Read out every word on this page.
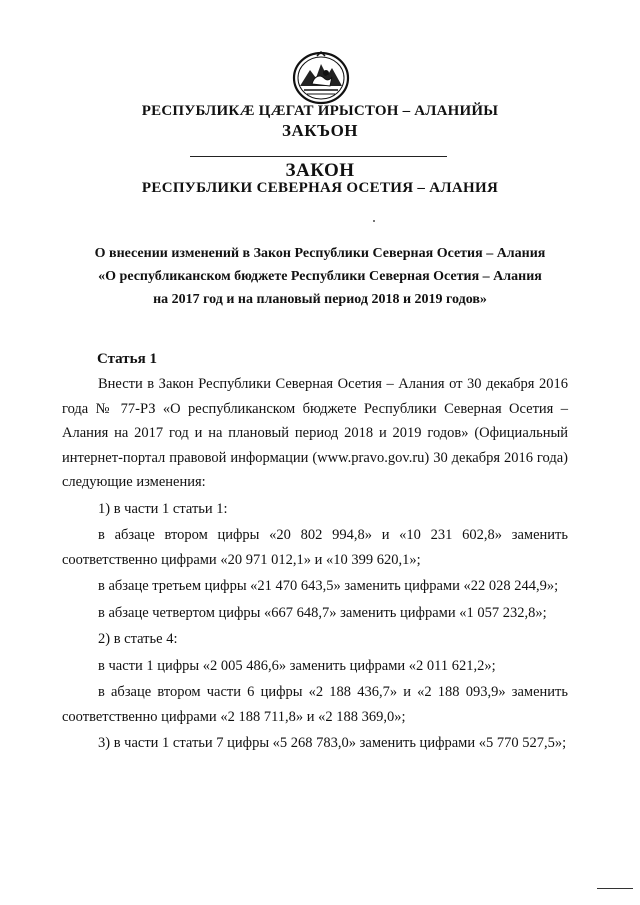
РЕСПУБЛИКÆ ЦÆГАТ ИРЫСТОН – АЛАНИЙЫ
ЗАКЪОН
ЗАКОН
РЕСПУБЛИКИ СЕВЕРНАЯ ОСЕТИЯ – АЛАНИЯ
О внесении изменений в Закон Республики Северная Осетия – Алания
«О республиканском бюджете Республики Северная Осетия – Алания
на 2017 год и на плановый период 2018 и 2019 годов»
Статья 1

Внести в Закон Республики Северная Осетия – Алания от 30 декабря 2016 года № 77-РЗ «О республиканском бюджете Республики Северная Осетия – Алания на 2017 год и на плановый период 2018 и 2019 годов» (Официальный интернет-портал правовой информации (www.pravo.gov.ru) 30 декабря 2016 года) следующие изменения:

1) в части 1 статьи 1:

в абзаце втором цифры «20 802 994,8» и «10 231 602,8» заменить соответственно цифрами «20 971 012,1» и «10 399 620,1»;

в абзаце третьем цифры «21 470 643,5» заменить цифрами «22 028 244,9»;

в абзаце четвертом цифры «667 648,7» заменить цифрами «1 057 232,8»;

2) в статье 4:

в части 1 цифры «2 005 486,6» заменить цифрами «2 011 621,2»;

в абзаце втором части 6 цифры «2 188 436,7» и «2 188 093,9» заменить соответственно цифрами «2 188 711,8» и «2 188 369,0»;

3) в части 1 статьи 7 цифры «5 268 783,0» заменить цифрами «5 770 527,5»;
